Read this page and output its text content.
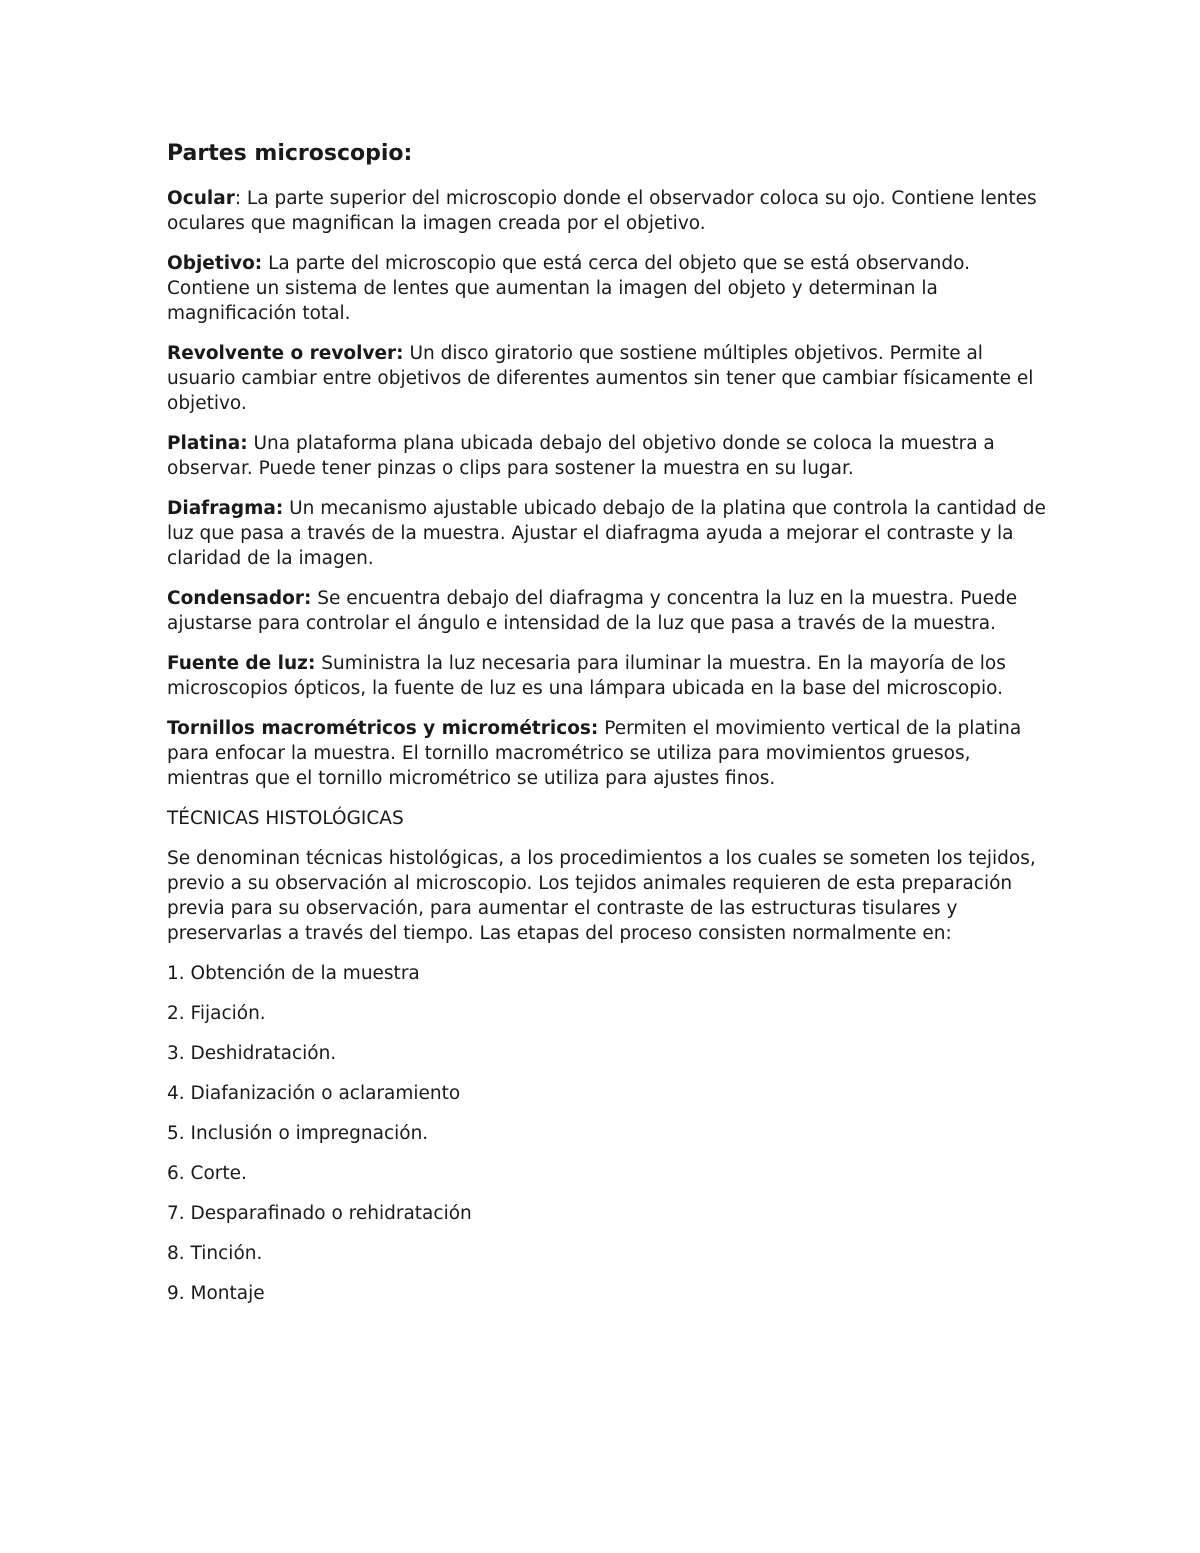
Partes microscopio:

Ocular: La parte superior del microscopio donde el observador coloca su ojo. Contiene lentes oculares que magnifican la imagen creada por el objetivo.

Objetivo: La parte del microscopio que está cerca del objeto que se está observando. Contiene un sistema de lentes que aumentan la imagen del objeto y determinan la magnificación total.

Revolvente o revolver: Un disco giratorio que sostiene múltiples objetivos. Permite al usuario cambiar entre objetivos de diferentes aumentos sin tener que cambiar físicamente el objetivo.

Platina: Una plataforma plana ubicada debajo del objetivo donde se coloca la muestra a observar. Puede tener pinzas o clips para sostener la muestra en su lugar.

Diafragma: Un mecanismo ajustable ubicado debajo de la platina que controla la cantidad de luz que pasa a través de la muestra. Ajustar el diafragma ayuda a mejorar el contraste y la claridad de la imagen.

Condensador: Se encuentra debajo del diafragma y concentra la luz en la muestra. Puede ajustarse para controlar el ángulo e intensidad de la luz que pasa a través de la muestra.

Fuente de luz: Suministra la luz necesaria para iluminar la muestra. En la mayoría de los microscopios ópticos, la fuente de luz es una lámpara ubicada en la base del microscopio.

Tornillos macrométricos y micrométricos: Permiten el movimiento vertical de la platina para enfocar la muestra. El tornillo macrométrico se utiliza para movimientos gruesos, mientras que el tornillo micrométrico se utiliza para ajustes finos.

TÉCNICAS HISTOLÓGICAS

Se denominan técnicas histológicas, a los procedimientos a los cuales se someten los tejidos, previo a su observación al microscopio. Los tejidos animales requieren de esta preparación previa para su observación, para aumentar el contraste de las estructuras tisulares y preservarlas a través del tiempo. Las etapas del proceso consisten normalmente en:

1. Obtención de la muestra
2. Fijación.
3. Deshidratación.
4. Diafanización o aclaramiento
5. Inclusión o impregnación.
6. Corte.
7. Desparafinado o rehidratación
8. Tinción.
9. Montaje
